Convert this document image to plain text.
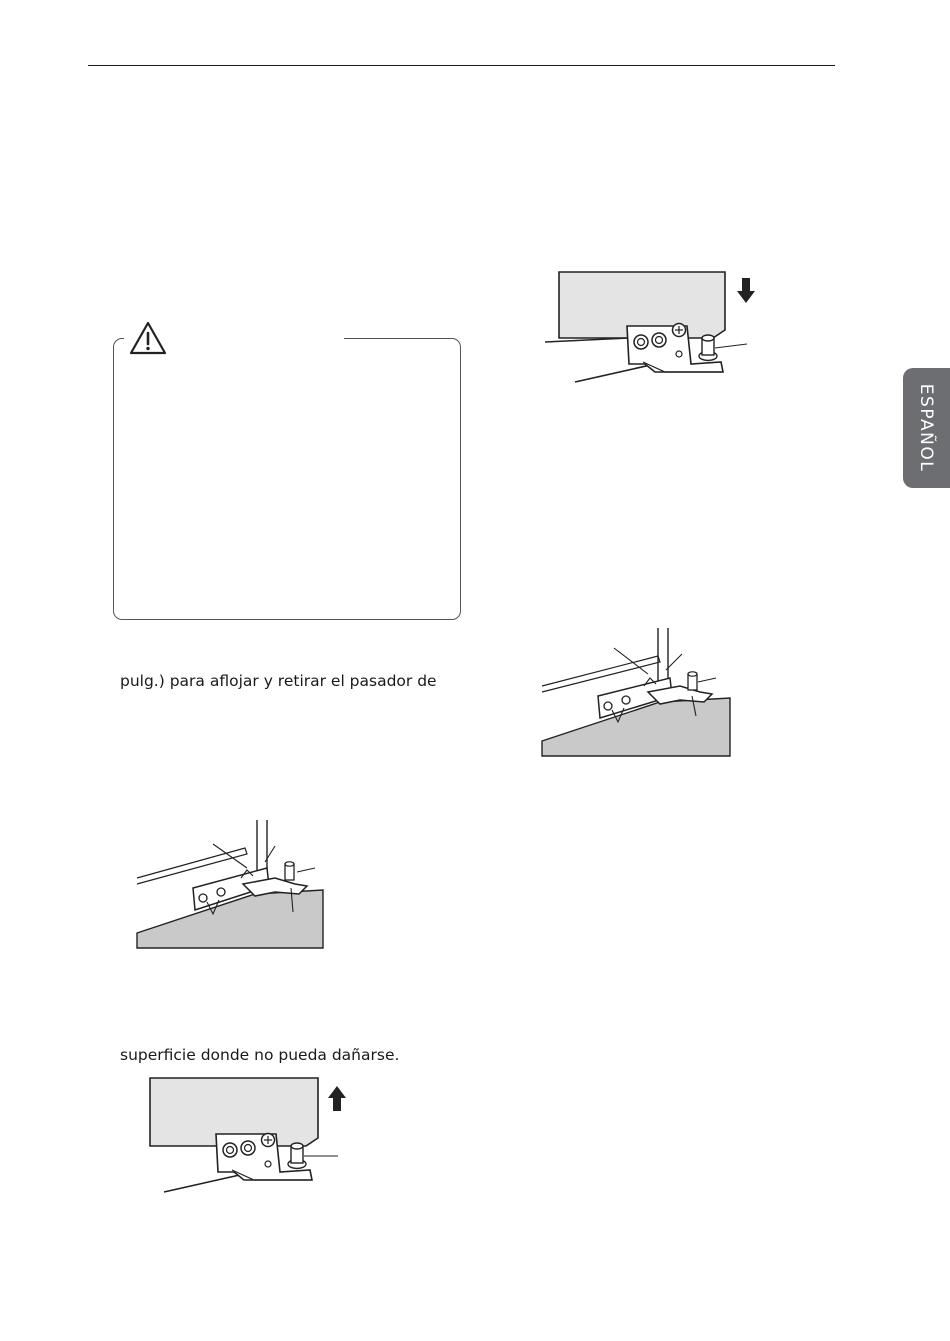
pulg.) para aflojar y retirar el pasador de
superficie donde no pueda dañarse.
ESPAÑOL
